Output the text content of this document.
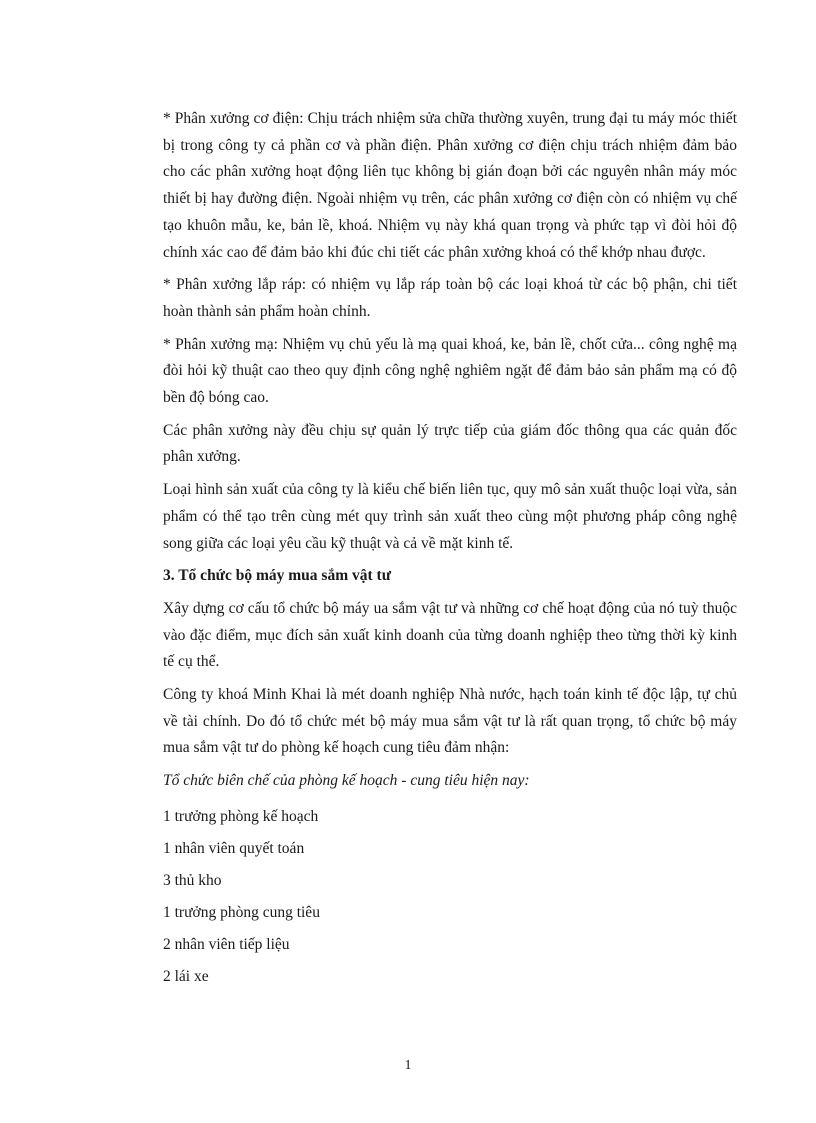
* Phân xưởng cơ điện: Chịu trách nhiệm sửa chữa thường xuyên, trung đại tu máy móc thiết bị trong công ty cả phần cơ và phần điện. Phân xưởng cơ điện chịu trách nhiệm đảm bảo cho các phân xưởng hoạt động liên tục không bị gián đoạn bởi các nguyên nhân máy móc thiết bị hay đường điện. Ngoài nhiệm vụ trên, các phân xưởng cơ điện còn có nhiệm vụ chế tạo khuôn mẫu, ke, bản lề, khoá. Nhiệm vụ này khá quan trọng và phức tạp vì đòi hỏi độ chính xác cao để đảm bảo khi đúc chi tiết các phân xưởng khoá có thể khớp nhau được.

* Phân xưởng lắp ráp: có nhiệm vụ lắp ráp toàn bộ các loại khoá từ các bộ phận, chi tiết hoàn thành sản phẩm hoàn chỉnh.

* Phân xưởng mạ: Nhiệm vụ chủ yếu là mạ quai khoá, ke, bản lề, chốt cửa... công nghệ mạ đòi hỏi kỹ thuật cao theo quy định công nghệ nghiêm ngặt để đảm bảo sản phẩm mạ có độ bền độ bóng cao.

Các phân xưởng này đều chịu sự quản lý trực tiếp của giám đốc thông qua các quản đốc phân xưởng.

Loại hình sản xuất của công ty là kiểu chế biến liên tục, quy mô sản xuất thuộc loại vừa, sản phẩm có thể tạo trên cùng mét quy trình sản xuất theo cùng một phương pháp công nghệ song giữa các loại yêu cầu kỹ thuật và cả về mặt kinh tế.

3. Tổ chức bộ máy mua sắm vật tư

Xây dựng cơ cấu tổ chức bộ máy ua sắm vật tư và những cơ chế hoạt động của nó tuỳ thuộc vào đặc điểm, mục đích sản xuất kinh doanh của từng doanh nghiệp theo từng thời kỳ kinh tế cụ thể.

Công ty khoá Minh Khai là mét doanh nghiệp Nhà nước, hạch toán kinh tế độc lập, tự chủ về tài chính. Do đó tổ chức mét bộ máy mua sắm vật tư là rất quan trọng, tổ chức bộ máy mua sắm vật tư do phòng kế hoạch cung tiêu đảm nhận:

Tổ chức biên chế của phòng kế hoạch - cung tiêu hiện nay:

1 trưởng phòng kế hoạch
1 nhân viên quyết toán
3 thủ kho
1 trưởng phòng cung tiêu
2 nhân viên tiếp liệu
2 lái xe
1
